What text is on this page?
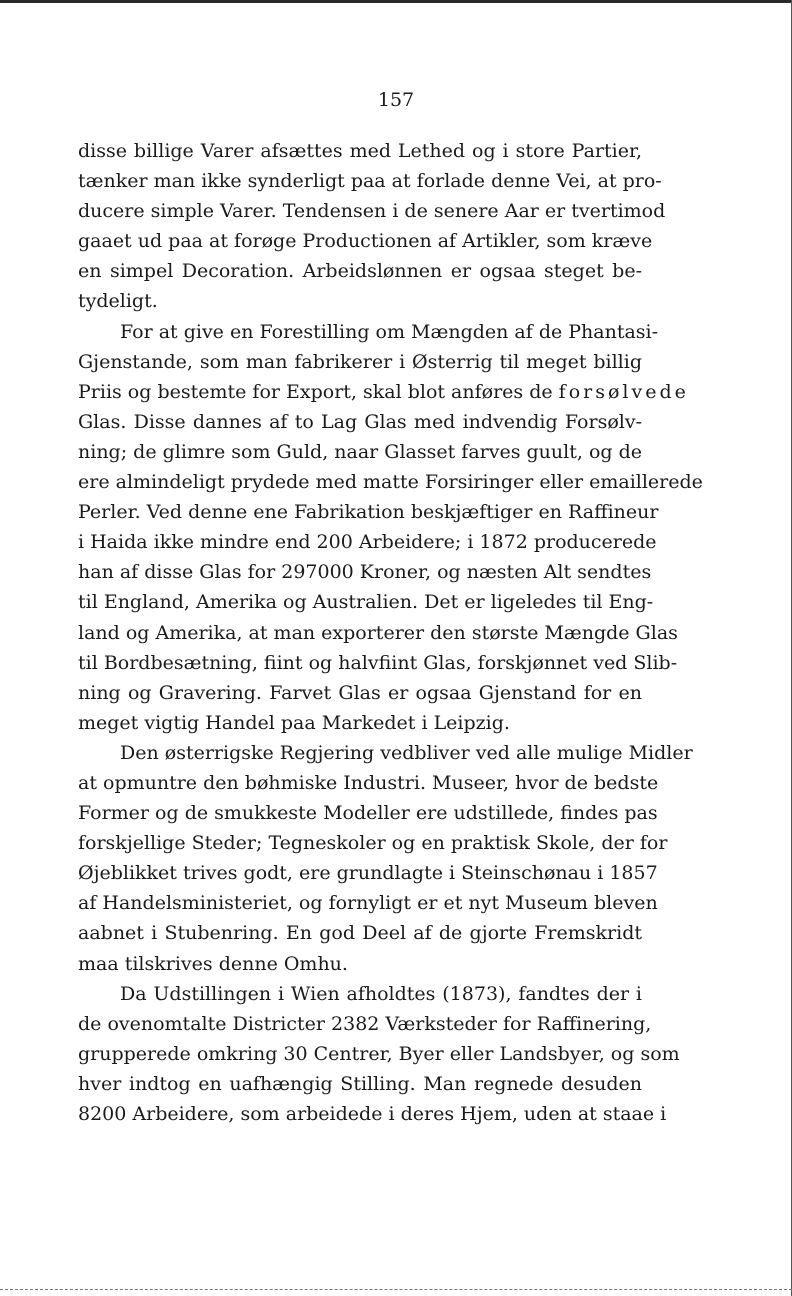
157
disse billige Varer afsættes med Lethed og i store Partier,
tænker man ikke synderligt paa at forlade denne Vei, at pro-
ducere simple Varer. Tendensen i de senere Aar er tvertimod
gaaet ud paa at forøge Productionen af Artikler, som kræve
en simpel Decoration. Arbeidslønnen er ogsaa steget be-
tydeligt.
For at give en Forestilling om Mængden af de Phantasi-
Gjenstande, som man fabrikerer i Østerrig til meget billig
Priis og bestemte for Export, skal blot anføres de forsølvede
Glas. Disse dannes af to Lag Glas med indvendig Forsølv-
ning; de glimre som Guld, naar Glasset farves guult, og de
ere almindeligt prydede med matte Forsiringer eller emaillerede
Perler. Ved denne ene Fabrikation beskjæftiger en Raffineur
i Haida ikke mindre end 200 Arbeidere; i 1872 producerede
han af disse Glas for 297000 Kroner, og næsten Alt sendtes
til England, Amerika og Australien. Det er ligeledes til Eng-
land og Amerika, at man exporterer den største Mængde Glas
til Bordbesætning, fiint og halvfiint Glas, forskjønnet ved Slib-
ning og Gravering. Farvet Glas er ogsaa Gjenstand for en
meget vigtig Handel paa Markedet i Leipzig.
Den østerrigske Regjering vedbliver ved alle mulige Midler
at opmuntre den bøhmiske Industri. Museer, hvor de bedste
Former og de smukkeste Modeller ere udstillede, findes pas
forskjellige Steder; Tegneskoler og en praktisk Skole, der for
Øjeblikket trives godt, ere grundlagte i Steinschønau i 1857
af Handelsministeriet, og fornyligt er et nyt Museum bleven
aabnet i Stubenring. En god Deel af de gjorte Fremskridt
maa tilskrives denne Omhu.
Da Udstillingen i Wien afholdtes (1873), fandtes der i
de ovenomtalte Districter 2382 Værksteder for Raffinering,
grupperede omkring 30 Centrer, Byer eller Landsbyer, og som
hver indtog en uafhængig Stilling. Man regnede desuden
8200 Arbeidere, som arbeidede i deres Hjem, uden at staae i
